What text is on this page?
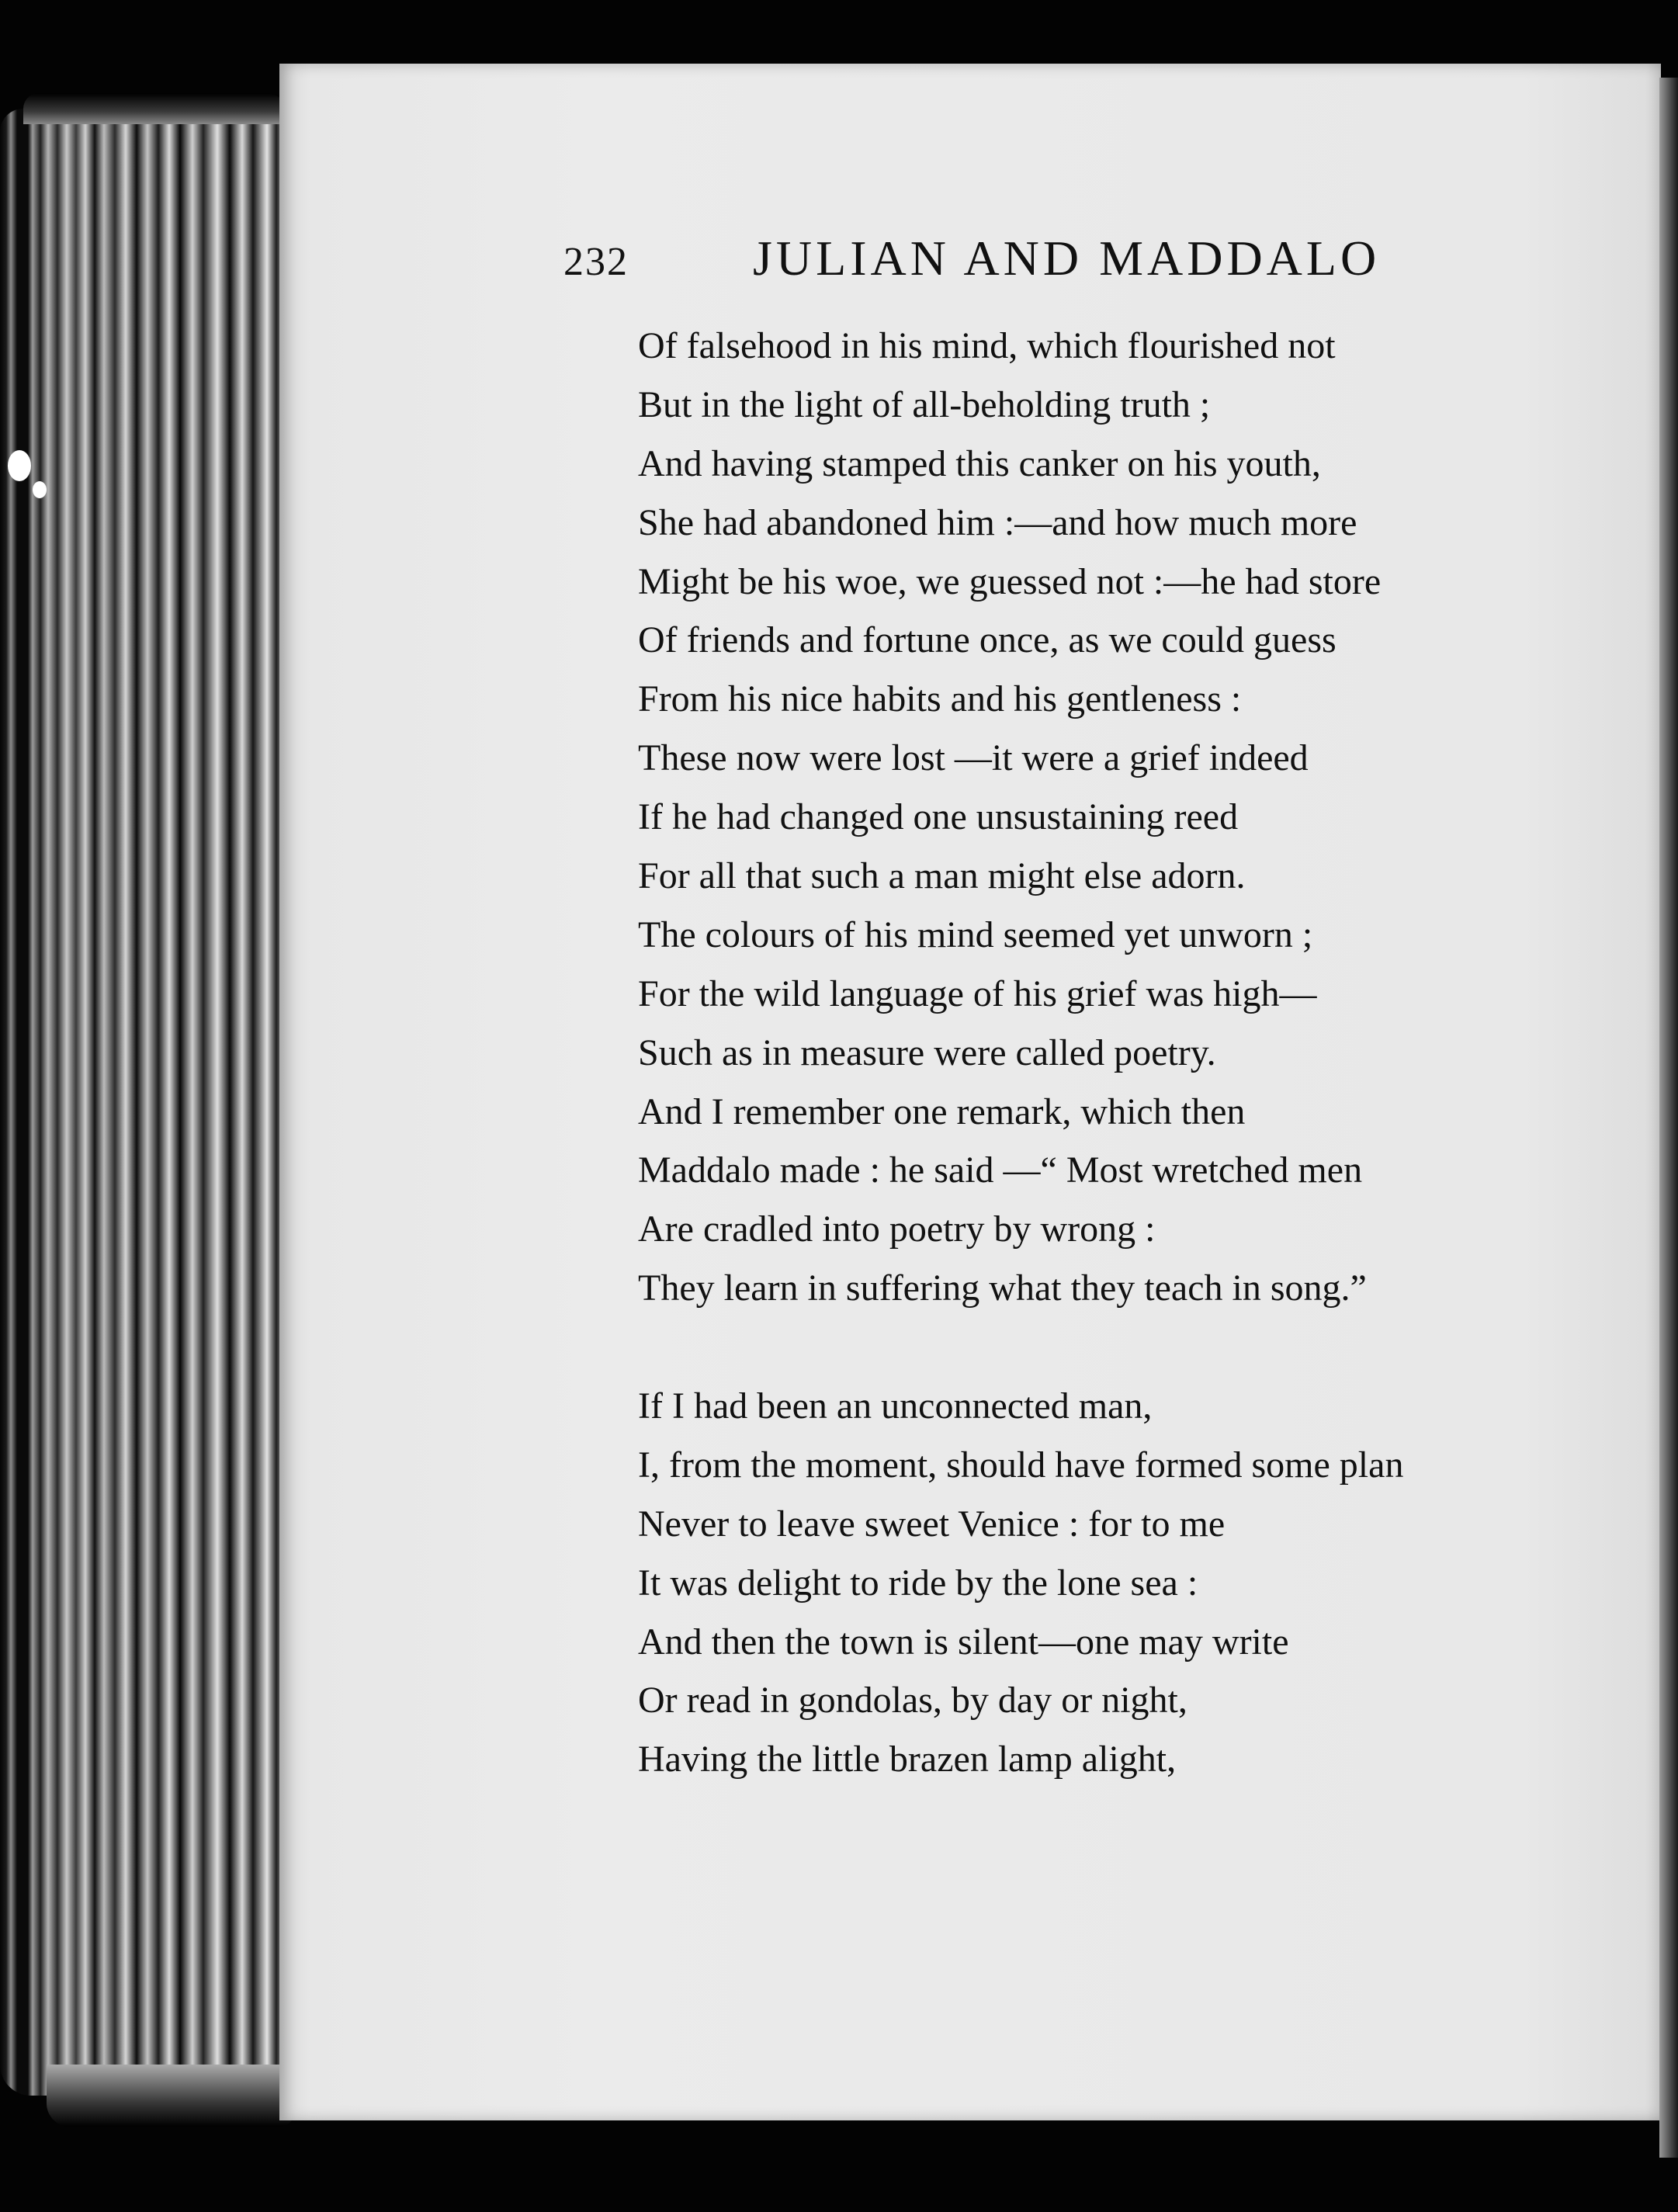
232	JULIAN AND MADDALO
Of falsehood in his mind, which flourished not
But in the light of all-beholding truth ;
And having stamped this canker on his youth,
She had abandoned him :—and how much more
Might be his woe, we guessed not :—he had store
Of friends and fortune once, as we could guess
From his nice habits and his gentleness :
These now were lost —it were a grief indeed
If he had changed one unsustaining reed
For all that such a man might else adorn.
The colours of his mind seemed yet unworn ;
For the wild language of his grief was high—
Such as in measure were called poetry.
And I remember one remark, which then
Maddalo made : he said —“ Most wretched men
Are cradled into poetry by wrong :
They learn in suffering what they teach in song.”
If I had been an unconnected man,
I, from the moment, should have formed some plan
Never to leave sweet Venice : for to me
It was delight to ride by the lone sea :
And then the town is silent—one may write
Or read in gondolas, by day or night,
Having the little brazen lamp alight,
